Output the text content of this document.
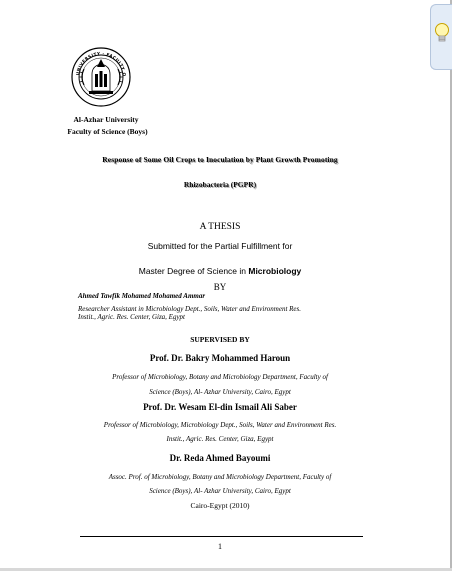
UNIVERSITY · FACULTY O
Al-Azhar University
Faculty of Science (Boys)
Response of Some Oil Crops to Inoculation by Plant Growth Promoting
Rhizobacteria (PGPR)
A THESIS
Submitted for the Partial Fulfillment for
Master Degree of Science in Microbiology
BY
Ahmed Tawfik Mohamed Mohamed Ammar
Researcher Assistant in Microbiology Dept., Soils, Water and Environment Res.
Instit., Agric. Res. Center, Giza, Egypt
SUPERVISED BY
Prof. Dr. Bakry Mohammed Haroun
Professor of Microbiology, Botany and Microbiology Department, Faculty of
Science (Boys), Al- Azhar University, Cairo, Egypt
Prof. Dr. Wesam El-din Ismail Ali Saber
Professor of Microbiology, Microbiology Dept., Soils, Water and Environment Res.
Instit., Agric. Res. Center, Giza, Egypt
Dr. Reda Ahmed Bayoumi
Assoc. Prof. of Microbiology, Botany and Microbiology Department, Faculty of
Science (Boys), Al- Azhar University, Cairo, Egypt
Cairo-Egypt (2010)
1
